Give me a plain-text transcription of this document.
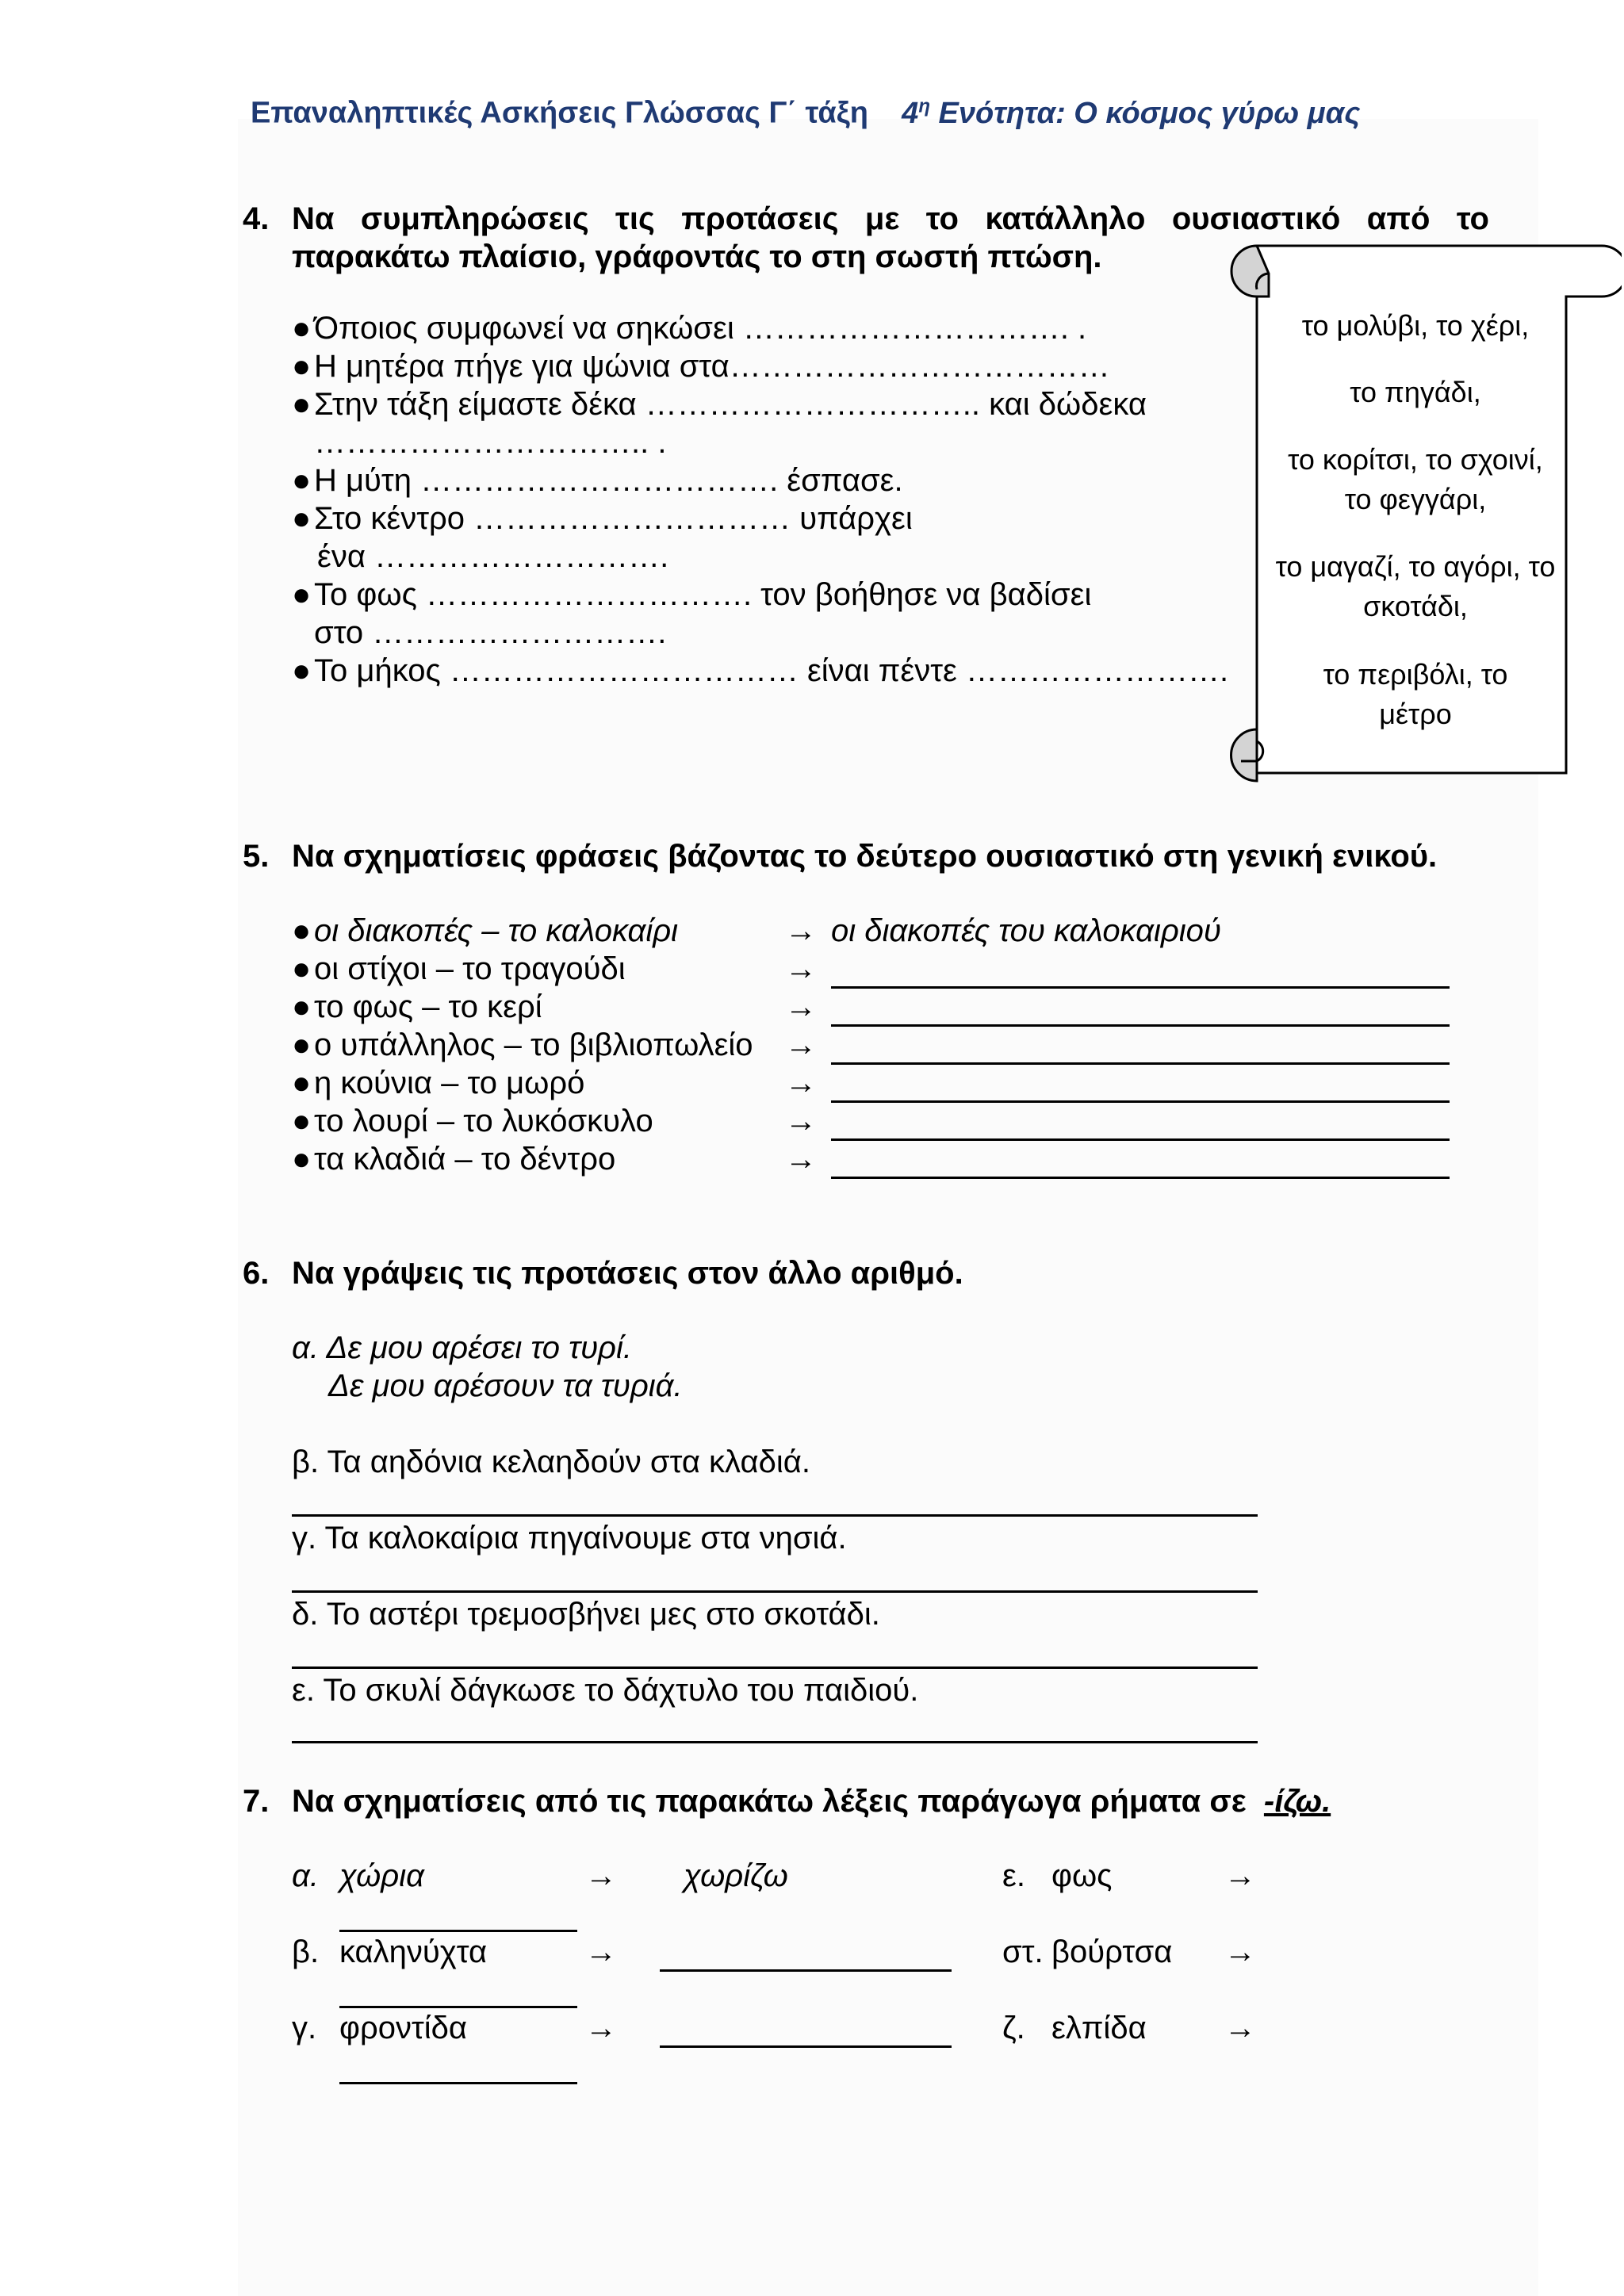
Επαναληπτικές Ασκήσεις Γλώσσας Γ΄ τάξη $4^\eta$ Ενότητα: Ο κόσμος γύρω μας
4. Να συμπληρώσεις τις προτάσεις με το κατάλληλο ουσιαστικό από το
παρακάτω πλαίσιο, γράφοντάς το στη σωστή πτώση.
●Όποιος συμφωνεί να σηκώσει …………………………. .
●Η μητέρα πήγε για ψώνια στα………………………………
●Στην τάξη είμαστε δέκα ………………………….. και δώδεκα
………………………….. .
●Η μύτη ……………………………. έσπασε.
●Στο κέντρο ………………………… υπάρχει
ένα ……………………….
●Το φως …………………………. τον βοήθησε να βαδίσει
στο ……………………….
●Το μήκος …………………………… είναι πέντε …………………….
το μολύβι, το χέρι,
το πηγάδι,
το κορίτσι, το σχοινί, το φεγγάρι,
το μαγαζί, το αγόρι, το σκοτάδι,
το περιβόλι, το μέτρο
5. Να σχηματίσεις φράσεις βάζοντας το δεύτερο ουσιαστικό στη γενική ενικού.
●οι διακοπές – το καλοκαίρι	→ οι διακοπές του καλοκαιριού
●οι στίχοι – το τραγούδι	→
●το φως – το κερί	→
●ο υπάλληλος – το βιβλιοπωλείο →
●η κούνια – το μωρό	→
●το λουρί – το λυκόσκυλο	→
●τα κλαδιά – το δέντρο	→
6. Να γράψεις τις προτάσεις στον άλλο αριθμό.
α. Δε μου αρέσει το τυρί.
Δε μου αρέσουν τα τυριά.
β. Τα αηδόνια κελαηδούν στα κλαδιά.
γ. Τα καλοκαίρια πηγαίνουμε στα νησιά.
δ. Το αστέρι τρεμοσβήνει μες στο σκοτάδι.
ε. Το σκυλί δάγκωσε το δάχτυλο του παιδιού.
7. Να σχηματίσεις από τις παρακάτω λέξεις παράγωγα ρήματα σε -ίζω.
α. χώρια	→ χωρίζω	ε. φως	→
β. καληνύχτα	→	στ. βούρτσα →
γ. φροντίδα	→	ζ. ελπίδα →
